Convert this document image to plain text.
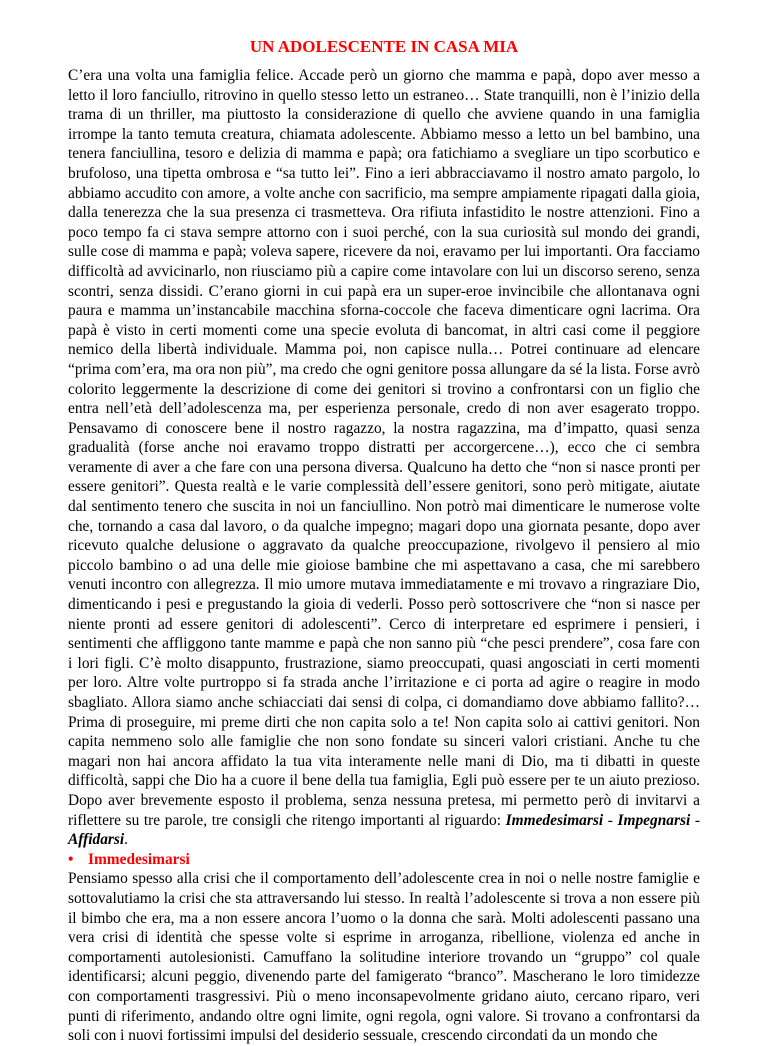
UN ADOLESCENTE IN CASA MIA

C’era una volta una famiglia felice. Accade però un giorno che mamma e papà, dopo aver messo a letto il loro fanciullo, ritrovino in quello stesso letto un estraneo… State tranquilli, non è l’inizio della trama di un thriller, ma piuttosto la considerazione di quello che avviene quando in una famiglia irrompe la tanto temuta creatura, chiamata adolescente. Abbiamo messo a letto un bel bambino, una tenera fanciullina, tesoro e delizia di mamma e papà; ora fatichiamo a svegliare un tipo scorbutico e brufoloso, una tipetta ombrosa e “sa tutto lei”. Fino a ieri abbracciavamo il nostro amato pargolo, lo abbiamo accudito con amore, a volte anche con sacrificio, ma sempre ampiamente ripagati dalla gioia, dalla tenerezza che la sua presenza ci trasmetteva. Ora rifiuta infastidito le nostre attenzioni. Fino a poco tempo fa ci stava sempre attorno con i suoi perché, con la sua curiosità sul mondo dei grandi, sulle cose di mamma e papà; voleva sapere, ricevere da noi, eravamo per lui importanti. Ora facciamo difficoltà ad avvicinarlo, non riusciamo più a capire come intavolare con lui un discorso sereno, senza scontri, senza dissidi. C’erano giorni in cui papà era un super-eroe invincibile che allontanava ogni paura e mamma un’instancabile macchina sforna-coccole che faceva dimenticare ogni lacrima. Ora papà è visto in certi momenti come una specie evoluta di bancomat, in altri casi come il peggiore nemico della libertà individuale. Mamma poi, non capisce nulla… Potrei continuare ad elencare “prima com’era, ma ora non più”, ma credo che ogni genitore possa allungare da sé la lista. Forse avrò colorito leggermente la descrizione di come dei genitori si trovino a confrontarsi con un figlio che entra nell’età dell’adolescenza ma, per esperienza personale, credo di non aver esagerato troppo. Pensavamo di conoscere bene il nostro ragazzo, la nostra ragazzina, ma d’impatto, quasi senza gradualità (forse anche noi eravamo troppo distratti per accorgercene…), ecco che ci sembra veramente di aver a che fare con una persona diversa. Qualcuno ha detto che “non si nasce pronti per essere genitori”. Questa realtà e le varie complessità dell’essere genitori, sono però mitigate, aiutate dal sentimento tenero che suscita in noi un fanciullino. Non potrò mai dimenticare le numerose volte che, tornando a casa dal lavoro, o da qualche impegno; magari dopo una giornata pesante, dopo aver ricevuto qualche delusione o aggravato da qualche preoccupazione, rivolgevo il pensiero al mio piccolo bambino o ad una delle mie gioiose bambine che mi aspettavano a casa, che mi sarebbero venuti incontro con allegrezza. Il mio umore mutava immediatamente e mi trovavo a ringraziare Dio, dimenticando i pesi e pregustando la gioia di vederli. Posso però sottoscrivere che “non si nasce per niente pronti ad essere genitori di adolescenti”. Cerco di interpretare ed esprimere i pensieri, i sentimenti che affliggono tante mamme e papà che non sanno più “che pesci prendere”, cosa fare con i lori figli. C’è molto disappunto, frustrazione, siamo preoccupati, quasi angosciati in certi momenti per loro. Altre volte purtroppo si fa strada anche l’irritazione e ci porta ad agire o reagire in modo sbagliato. Allora siamo anche schiacciati dai sensi di colpa, ci domandiamo dove abbiamo fallito?… Prima di proseguire, mi preme dirti che non capita solo a te! Non capita solo ai cattivi genitori. Non capita nemmeno solo alle famiglie che non sono fondate su sinceri valori cristiani. Anche tu che magari non hai ancora affidato la tua vita interamente nelle mani di Dio, ma ti dibatti in queste difficoltà, sappi che Dio ha a cuore il bene della tua famiglia, Egli può essere per te un aiuto prezioso. Dopo aver brevemente esposto il problema, senza nessuna pretesa, mi permetto però di invitarvi a riflettere su tre parole, tre consigli che ritengo importanti al riguardo: Immedesimarsi - Impegnarsi - Affidarsi.

• Immedesimarsi

Pensiamo spesso alla crisi che il comportamento dell’adolescente crea in noi o nelle nostre famiglie e sottovalutiamo la crisi che sta attraversando lui stesso. In realtà l’adolescente si trova a non essere più il bimbo che era, ma a non essere ancora l’uomo o la donna che sarà. Molti adolescenti passano una vera crisi di identità che spesse volte si esprime in arroganza, ribellione, violenza ed anche in comportamenti autolesionisti. Camuffano la solitudine interiore trovando un “gruppo” col quale identificarsi; alcuni peggio, divenendo parte del famigerato “branco”. Mascherano le loro timidezze con comportamenti trasgressivi. Più o meno inconsapevolmente gridano aiuto, cercano riparo, veri punti di riferimento, andando oltre ogni limite, ogni regola, ogni valore. Si trovano a confrontarsi da soli con i nuovi fortissimi impulsi del desiderio sessuale, crescendo circondati da un mondo che
